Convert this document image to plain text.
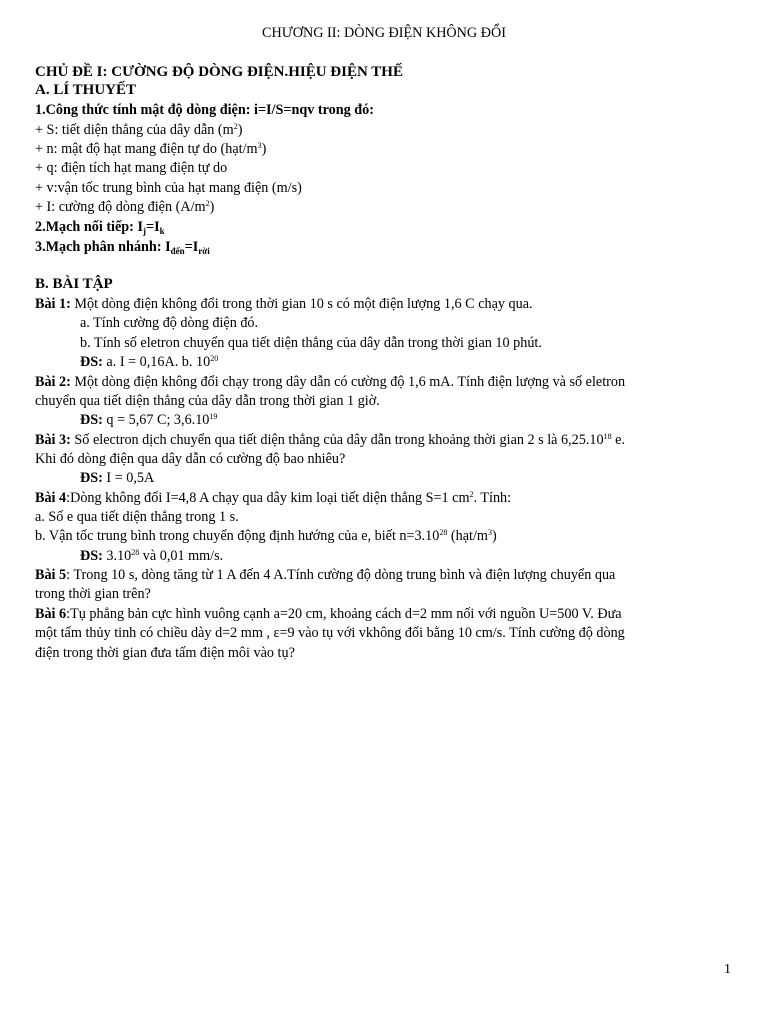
CHƯƠNG II: DÒNG ĐIỆN KHÔNG ĐỔI
CHỦ ĐỀ I: CƯỜNG ĐỘ DÒNG ĐIỆN.HIỆU ĐIỆN THẾ
A. LÍ THUYẾT
1.Công thức tính mật độ dòng điện: i=I/S=nqv trong đó:
+ S: tiết diện thẳng của dây dẫn $(m^2)$
+ n: mật độ hạt mang điện tự do $(hạt/m^3)$
+ q: điện tích hạt mang điện tự do
+ v:vận tốc trung bình của hạt mang điện (m/s)
+ I: cường độ dòng điện $(A/m^2)$
2.Mạch nối tiếp: $I_j=I_k$
3.Mạch phân nhánh: $I_{đến}=I_{rời}$
B. BÀI TẬP
Bài 1: Một dòng điện không đổi trong thời gian 10 s có một điện lượng 1,6 C chạy qua.
a. Tính cường độ dòng điện đó.
b. Tính số eletron chuyển qua tiết diện thẳng của dây dẫn trong thời gian 10 phút.
ĐS: a. I = 0,16A. b. $10^{20}$
Bài 2: Một dòng điện không đổi chạy trong dây dẫn có cường độ 1,6 mA. Tính điện lượng và số eletron
chuyển qua tiết diện thẳng của dây dẫn trong thời gian 1 giờ.
ĐS: q = 5,67 C; 3,6.10$^{19}$
Bài 3: Số electron dịch chuyển qua tiết diện thẳng của dây dẫn trong khoảng thời gian 2 s là 6,25.10$^{18}$ e.
Khi đó dòng điện qua dây dẫn có cường độ bao nhiêu?
ĐS: I = 0,5A
Bài 4:Dòng không đổi I=4,8 A chạy qua dây kim loại tiết diện thẳng S=1 $cm^2$. Tính:
a. Số e qua tiết diện thẳng trong 1 s.
b. Vận tốc trung bình trong chuyển động định hướng của e, biết $n=3.10^{28}$ $(hạt/m^3)$
ĐS: 3.10$^{28}$ và 0,01 mm/s.
Bài 5: Trong 10 s, dòng tăng từ 1 A đến 4 A.Tính cường độ dòng trung bình và điện lượng chuyển qua
trong thời gian trên?
Bài 6:Tụ phẳng bản cực hình vuông cạnh a=20 cm, khoảng cách d=2 mm nối với nguồn U=500 V. Đưa
một tấm thủy tinh có chiều dày d=2 mm , ε=9 vào tụ với vkhông đổi bằng 10 cm/s. Tính cường độ dòng
điện trong thời gian đưa tấm điện môi vào tụ?
1
